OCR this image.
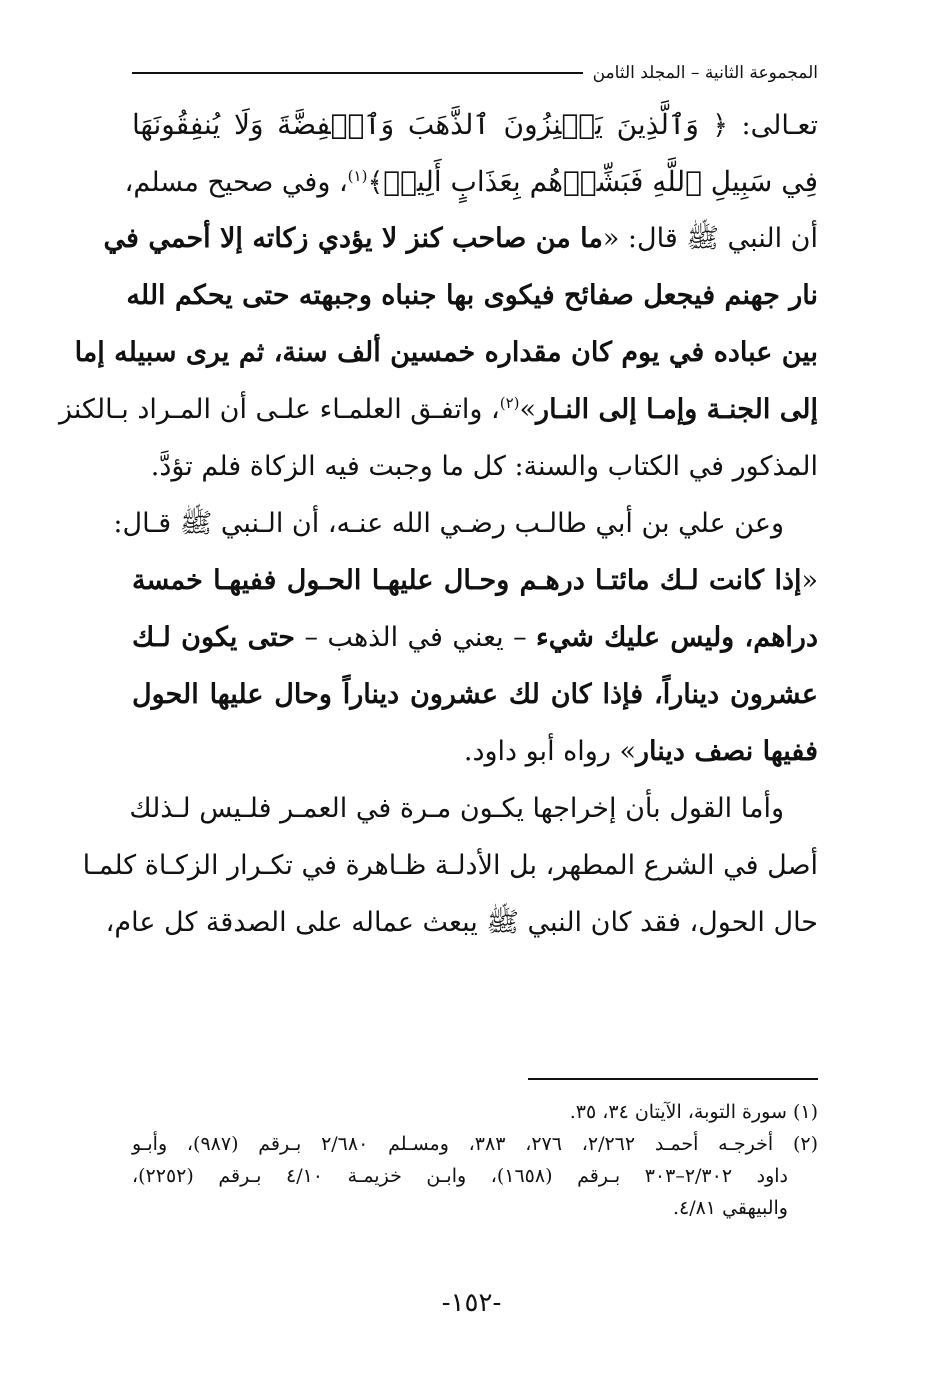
المجموعة الثانية – المجلد الثامن
تعـالى: ﴿ وَٱلَّذِينَ يَكۡنِزُونَ ٱلذَّهَبَ وَٱلۡفِضَّةَ وَلَا يُنفِقُونَهَا
فِي سَبِيلِ ٱللَّهِ فَبَشِّرۡهُم بِعَذَابٍ أَلِيمٖ﴾$^{(١)}$، وفي صحيح مسلم،
أن النبي ﷺ قال: «ما من صاحب كنز لا يؤدي زكاته إلا أحمي في
نار جهنم فيجعل صفائح فيكوى بها جنباه وجبهته حتى يحكم الله
بين عباده في يوم كان مقداره خمسين ألف سنة، ثم يرى سبيله إما
إلى الجنـة وإمـا إلى النـار»$^{(٢)}$، واتفـق العلمـاء علـى أن المـراد بـالكنز
المذكور في الكتاب والسنة: كل ما وجبت فيه الزكاة فلم تؤدَّ.
وعن علي بن أبي طالـب رضـي الله عنـه، أن الـنبي ﷺ قـال:
«إذا كانت لـك مائتـا درهـم وحـال عليهـا الحـول ففيهـا خمسة
دراهم، وليس عليك شيء – يعني في الذهب – حتى يكون لـك
عشرون ديناراً، فإذا كان لك عشرون ديناراً وحال عليها الحول
ففيها نصف دينار» رواه أبو داود.
وأما القول بأن إخراجها يكـون مـرة في العمـر فلـيس لـذلك
أصل في الشرع المطهر، بل الأدلـة ظـاهرة في تكـرار الزكـاة كلمـا
حال الحول، فقد كان النبي ﷺ يبعث عماله على الصدقة كل عام،
(١) سورة التوبة، الآيتان ٣٤، ٣٥.
(٢) أخرجـه أحمـد ٢/٢٦٢، ٢٧٦، ٣٨٣، ومسـلم ٢/٦٨٠ بـرقم (٩٨٧)، وأبـو
داود ٢/٣٠٢–٣٠٣ بـرقم (١٦٥٨)، وابـن خزيمـة ٤/١٠ بـرقم (٢٢٥٢)،
والبيهقي ٤/٨١.
-١٥٢-
